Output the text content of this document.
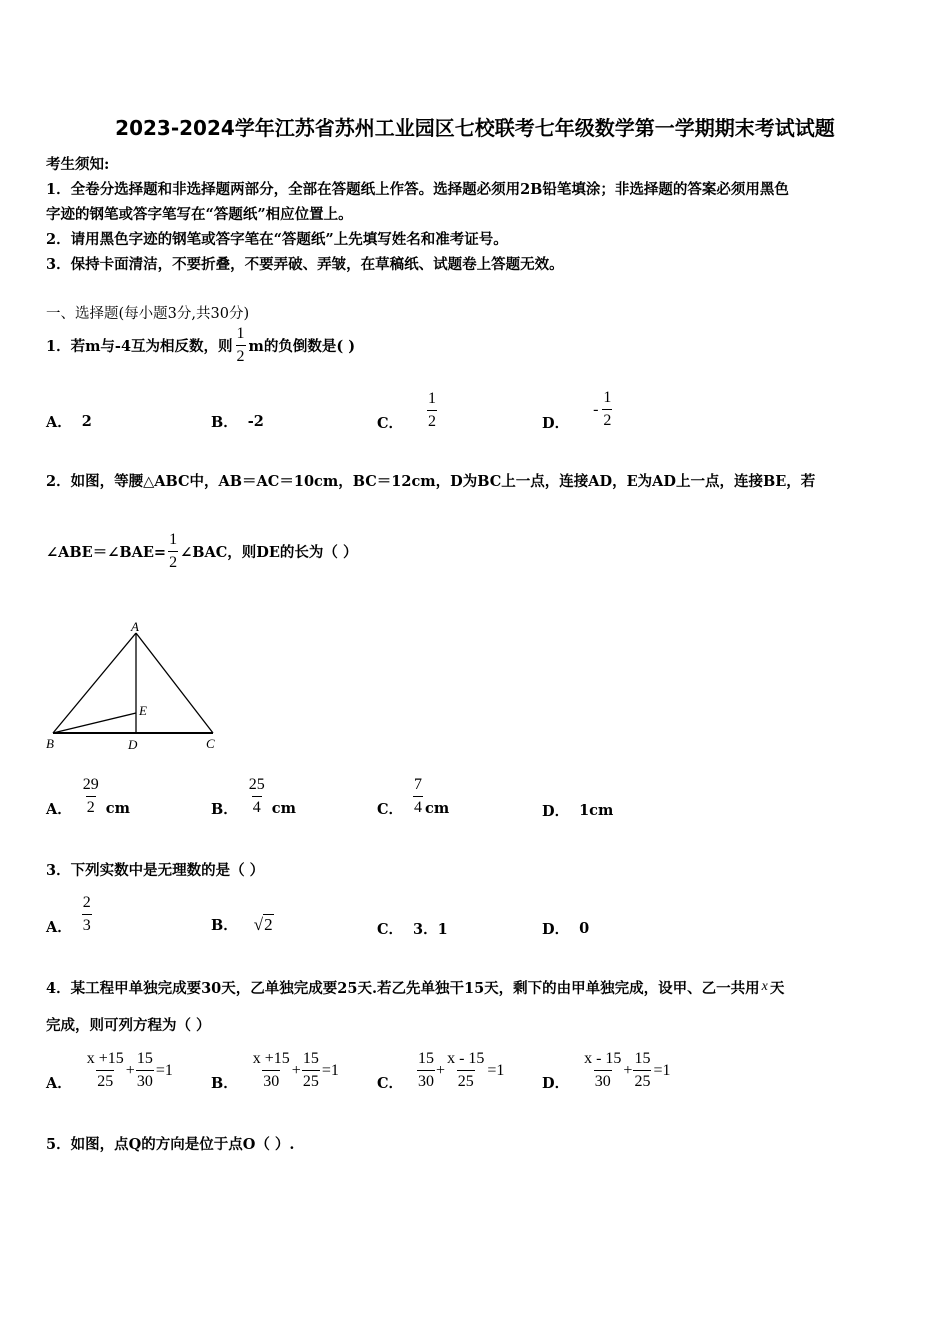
2023-2024学年江苏省苏州工业园区七校联考七年级数学第一学期期末考试试题
考生须知:
1．全卷分选择题和非选择题两部分，全部在答题纸上作答。选择题必须用2B铅笔填涂；非选择题的答案必须用黑色
字迹的钢笔或答字笔写在“答题纸”相应位置上。
2．请用黑色字迹的钢笔或答字笔在“答题纸”上先填写姓名和准考证号。
3．保持卡面清洁，不要折叠，不要弄破、弄皱，在草稿纸、试题卷上答题无效。
一、选择题(每小题3分,共30分)
1．若m与-4互为相反数，则 $\frac{1}{2}$ m的负倒数是( )
A． 2	B． -2	C． $\frac{1}{2}$	D．
- $\frac{1}{2}$
2．如图，等腰△ABC中，AB＝AC＝10cm，BC＝12cm，D为BC上一点，连接AD，E为AD上一点，连接BE，若
∠ABE＝∠BAE= $\frac{1}{2}$ ∠BAC，则DE的长为（ ）
A
B	D	C
E
A． $\frac{29}{2}$ cm	B． $\frac{25}{4}$ cm	C． $\frac{7}{4}$ cm	D． 1cm
3．下列实数中是无理数的是（ ）
A． $\frac{2}{3}$	B． √ 2	C． 3．1	D． 0
4．某工程甲单独完成要30天，乙单独完成要25天.若乙先单独干15天，剩下的由甲单独完成，设甲、乙一共用 x 天
完成，则可列方程为（ ）
A． $\frac{x +15}{25} + \frac{15}{30} =1$
B． $\frac{x +15}{30} + \frac{15}{25} =1$
C． $\frac{15}{30} + \frac{x - 15}{25} =1$
D． $\frac{x - 15}{30} + \frac{15}{25} =1$
5．如图，点Q的方向是位于点O（ ）.
